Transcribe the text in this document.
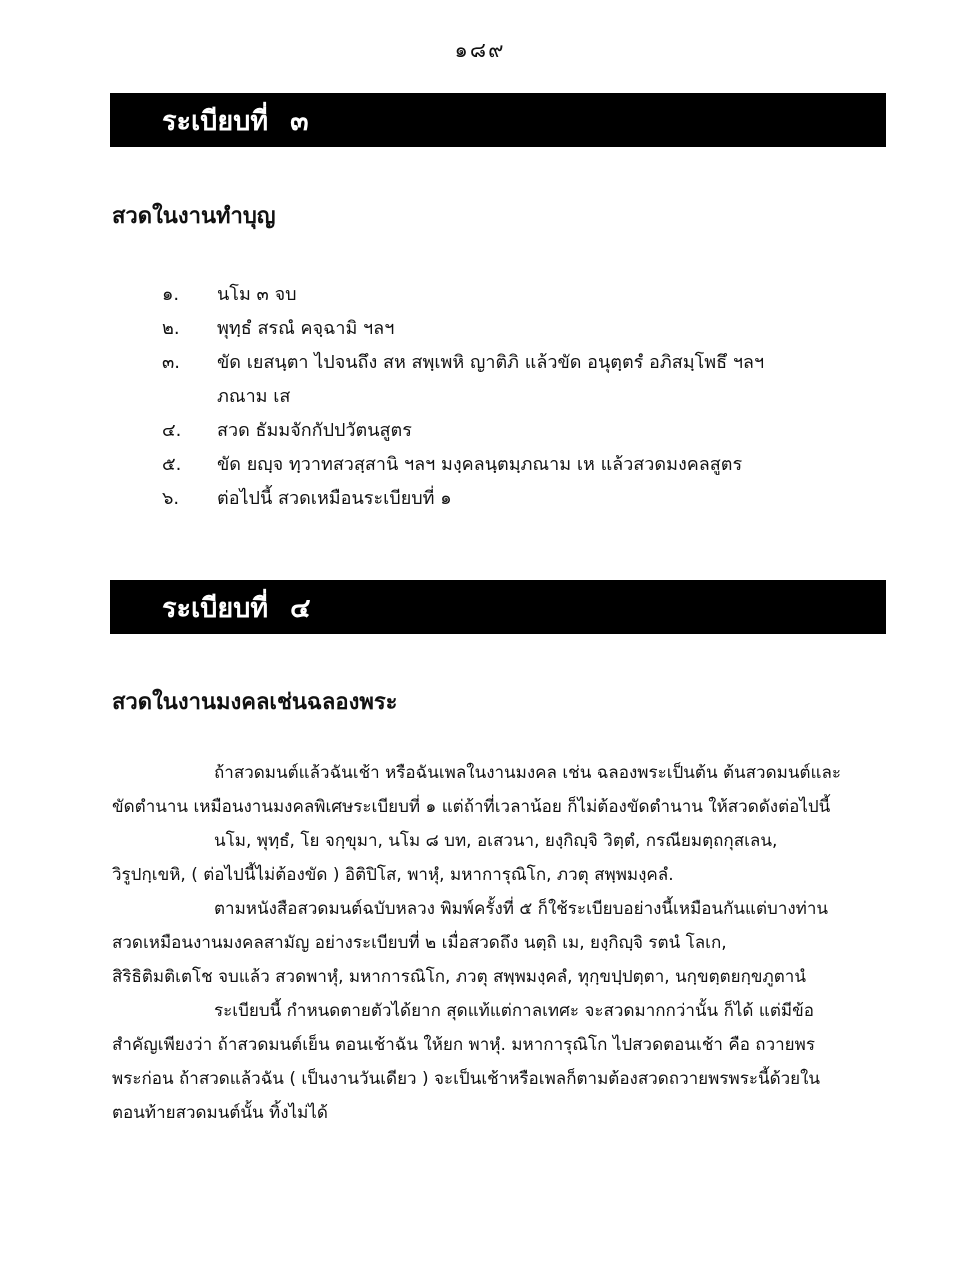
๑๘๙
ระเบียบที่ ๓
สวดในงานทำบุญ
๑.	นโม ๓ จบ
๒.	พุทฺธํ สรณํ คจฺฉามิ ฯลฯ
๓.	ขัด เยสนฺตา ไปจนถึง สห สพฺเพหิ ญาติภิ แล้วขัด อนุตฺตรํ อภิสมฺโพธึ ฯลฯ
ภณาม เส
๔.	สวด ธัมมจักกัปปวัตนสูตร
๕.	ขัด ยญฺจ ทฺวาทสวสฺสานิ ฯลฯ มงฺคลนฺตมฺภณาม เห แล้วสวดมงคลสูตร
๖.	ต่อไปนี้ สวดเหมือนระเบียบที่ ๑
ระเบียบที่ ๔
สวดในงานมงคลเช่นฉลองพระ
ถ้าสวดมนต์แล้วฉันเช้า หรือฉันเพลในงานมงคล เช่น ฉลองพระเป็นต้น ต้นสวดมนต์และ
ขัดตำนาน เหมือนงานมงคลพิเศษระเบียบที่ ๑ แต่ถ้าที่เวลาน้อย ก็ไม่ต้องขัดตำนาน ให้สวดดังต่อไปนี้
นโม, พุทฺธํ, โย จกฺขุมา, นโม ๘ บท, อเสวนา, ยงฺกิญฺจิ วิตฺตํ, กรณียมตฺถกุสเลน,
วิรูปกฺเขหิ, ( ต่อไปนี้ไม่ต้องขัด ) อิติปิโส, พาหุํ, มหาการุณิโก, ภวตุ สพฺพมงฺคลํ.
ตามหนังสือสวดมนต์ฉบับหลวง พิมพ์ครั้งที่ ๕ ก็ใช้ระเบียบอย่างนี้เหมือนกันแต่บางท่าน
สวดเหมือนงานมงคลสามัญ อย่างระเบียบที่ ๒ เมื่อสวดถึง นตฺถิ เม, ยงฺกิญฺจิ รตนํ โลเก,
สิริธิติมติเตโช จบแล้ว สวดพาหุํ, มหาการณิโก, ภวตุ สพฺพมงฺคลํ, ทุกฺขปฺปตฺตา, นกฺขตฺตยกฺขภูตานํ
ระเบียบนี้ กำหนดตายตัวได้ยาก สุดแท้แต่กาลเทศะ จะสวดมากกว่านั้น ก็ได้ แต่มีข้อ
สำคัญเพียงว่า ถ้าสวดมนต์เย็น ตอนเช้าฉัน ให้ยก พาหุํ. มหาการุณิโก ไปสวดตอนเช้า คือ ถวายพร
พระก่อน ถ้าสวดแล้วฉัน ( เป็นงานวันเดียว ) จะเป็นเช้าหรือเพลก็ตามต้องสวดถวายพรพระนี้ด้วยใน
ตอนท้ายสวดมนต์นั้น ทิ้งไม่ได้
